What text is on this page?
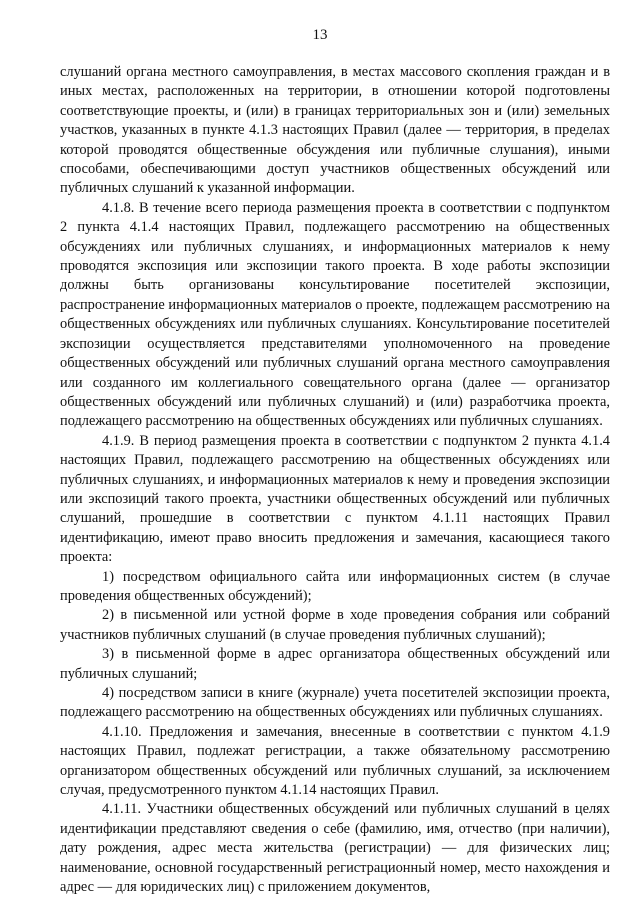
13

слушаний органа местного самоуправления, в местах массового скопления граждан и в иных местах, расположенных на территории, в отношении которой подготовлены соответствующие проекты, и (или) в границах территориальных зон и (или) земельных участков, указанных в пункте 4.1.3 настоящих Правил (далее — территория, в пределах которой проводятся общественные обсуждения или публичные слушания), иными способами, обеспечивающими доступ участников общественных обсуждений или публичных слушаний к указанной информации.

4.1.8. В течение всего периода размещения проекта в соответствии с подпунктом 2 пункта 4.1.4 настоящих Правил, подлежащего рассмотрению на общественных обсуждениях или публичных слушаниях, и информационных материалов к нему проводятся экспозиция или экспозиции такого проекта. В ходе работы экспозиции должны быть организованы консультирование посетителей экспозиции, распространение информационных материалов о проекте, подлежащем рассмотрению на общественных обсуждениях или публичных слушаниях. Консультирование посетителей экспозиции осуществляется представителями уполномоченного на проведение общественных обсуждений или публичных слушаний органа местного самоуправления или созданного им коллегиального совещательного органа (далее — организатор общественных обсуждений или публичных слушаний) и (или) разработчика проекта, подлежащего рассмотрению на общественных обсуждениях или публичных слушаниях.

4.1.9. В период размещения проекта в соответствии с подпунктом 2 пункта 4.1.4 настоящих Правил, подлежащего рассмотрению на общественных обсуждениях или публичных слушаниях, и информационных материалов к нему и проведения экспозиции или экспозиций такого проекта, участники общественных обсуждений или публичных слушаний, прошедшие в соответствии с пунктом 4.1.11 настоящих Правил идентификацию, имеют право вносить предложения и замечания, касающиеся такого проекта:

1) посредством официального сайта или информационных систем (в случае проведения общественных обсуждений);

2) в письменной или устной форме в ходе проведения собрания или собраний участников публичных слушаний (в случае проведения публичных слушаний);

3) в письменной форме в адрес организатора общественных обсуждений или публичных слушаний;

4) посредством записи в книге (журнале) учета посетителей экспозиции проекта, подлежащего рассмотрению на общественных обсуждениях или публичных слушаниях.

4.1.10. Предложения и замечания, внесенные в соответствии с пунктом 4.1.9 настоящих Правил, подлежат регистрации, а также обязательному рассмотрению организатором общественных обсуждений или публичных слушаний, за исключением случая, предусмотренного пунктом 4.1.14 настоящих Правил.

4.1.11. Участники общественных обсуждений или публичных слушаний в целях идентификации представляют сведения о себе (фамилию, имя, отчество (при наличии), дату рождения, адрес места жительства (регистрации) — для физических лиц; наименование, основной государственный регистрационный номер, место нахождения и адрес — для юридических лиц) с приложением документов,
